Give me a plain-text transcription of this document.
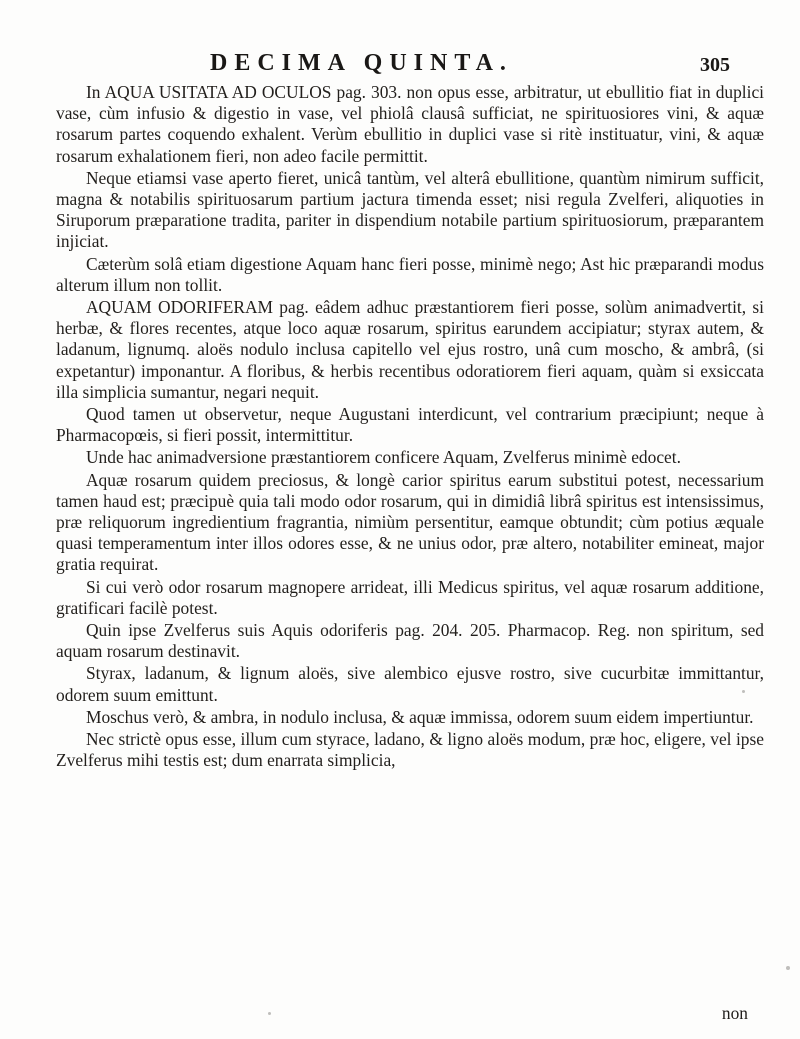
DECIMA QUINTA.	305

In AQUA USITATA AD OCULOS pag. 303. non opus esse, arbitratur, ut ebullitio fiat in duplici vase, cùm infusio & digestio in vase, vel phiolâ clausâ sufficiat, ne spirituosiores vini, & aquæ rosarum partes coquendo exhalent. Verùm ebullitio in duplici vase si ritè instituatur, vini, & aquæ rosarum exhalationem fieri, non adeo facile permittit.

Neque etiamsi vase aperto fieret, unicâ tantùm, vel alterâ ebullitione, quantùm nimirum sufficit, magna & notabilis spirituosarum partium jactura timenda esset; nisi regula Zvelferi, aliquoties in Siruporum præparatione tradita, pariter in dispendium notabile partium spirituosiorum, præparantem injiciat.

Cæterùm solâ etiam digestione Aquam hanc fieri posse, minimè nego; Ast hic præparandi modus alterum illum non tollit.

AQUAM ODORIFERAM pag. eâdem adhuc præstantiorem fieri posse, solùm animadvertit, si herbæ, & flores recentes, atque loco aquæ rosarum, spiritus earundem accipiatur; styrax autem, & ladanum, lignumq. aloës nodulo inclusa capitello vel ejus rostro, unâ cum moscho, & ambrâ, (si expetantur) imponantur. A floribus, & herbis recentibus odoratiorem fieri aquam, quàm si exsiccata illa simplicia sumantur, negari nequit.

Quod tamen ut observetur, neque Augustani interdicunt, vel contrarium præcipiunt; neque à Pharmacopœis, si fieri possit, intermittitur.

Unde hac animadversione præstantiorem conficere Aquam, Zvelferus minimè edocet.

Aquæ rosarum quidem preciosus, & longè carior spiritus earum substitui potest, necessarium tamen haud est; præcipuè quia tali modo odor rosarum, qui in dimidiâ librâ spiritus est intensissimus, præ reliquorum ingredientium fragrantia, nimiùm persentitur, eamque obtundit; cùm potius æquale quasi temperamentum inter illos odores esse, & ne unius odor, præ altero, notabiliter emineat, major gratia requirat.

Si cui verò odor rosarum magnopere arrideat, illi Medicus spiritus, vel aquæ rosarum additione, gratificari facilè potest.

Quin ipse Zvelferus suis Aquis odoriferis pag. 204. 205. Pharmacop. Reg. non spiritum, sed aquam rosarum destinavit.

Styrax, ladanum, & lignum aloës, sive alembico ejusve rostro, sive cucurbitæ immittantur, odorem suum emittunt.

Moschus verò, & ambra, in nodulo inclusa, & aquæ immissa, odorem suum eidem impertiuntur.

Nec strictè opus esse, illum cum styrace, ladano, & ligno aloës modum, præ hoc, eligere, vel ipse Zvelferus mihi testis est; dum enarrata simplicia,

non
